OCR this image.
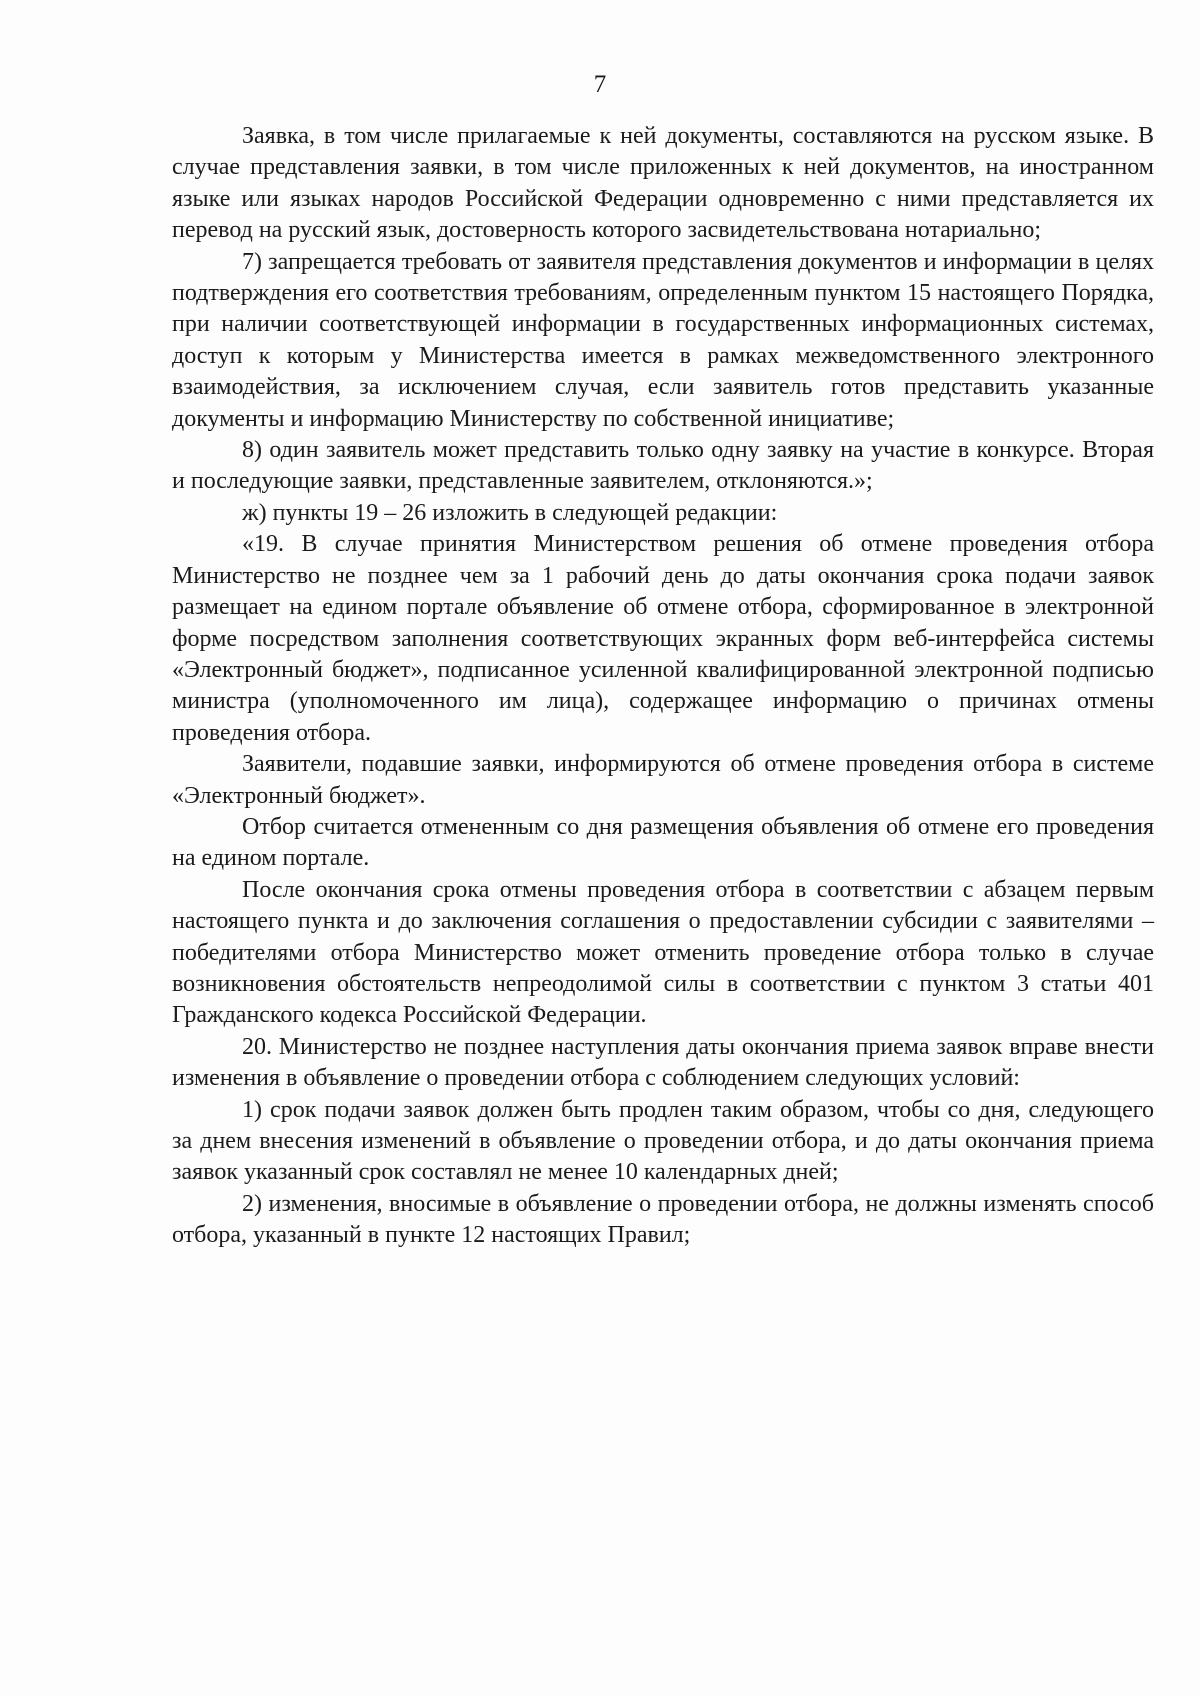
7

Заявка, в том числе прилагаемые к ней документы, составляются на русском языке. В случае представления заявки, в том числе приложенных к ней документов, на иностранном языке или языках народов Российской Федерации одновременно с ними представляется их перевод на русский язык, достоверность которого засвидетельствована нотариально;

7) запрещается требовать от заявителя представления документов и информации в целях подтверждения его соответствия требованиям, определенным пунктом 15 настоящего Порядка, при наличии соответствующей информации в государственных информационных системах, доступ к которым у Министерства имеется в рамках межведомственного электронного взаимодействия, за исключением случая, если заявитель готов представить указанные документы и информацию Министерству по собственной инициативе;

8) один заявитель может представить только одну заявку на участие в конкурсе. Вторая и последующие заявки, представленные заявителем, отклоняются.»;

ж) пункты 19 – 26 изложить в следующей редакции:

«19. В случае принятия Министерством решения об отмене проведения отбора Министерство не позднее чем за 1 рабочий день до даты окончания срока подачи заявок размещает на едином портале объявление об отмене отбора, сформированное в электронной форме посредством заполнения соответствующих экранных форм веб-интерфейса системы «Электронный бюджет», подписанное усиленной квалифицированной электронной подписью министра (уполномоченного им лица), содержащее информацию о причинах отмены проведения отбора.

Заявители, подавшие заявки, информируются об отмене проведения отбора в системе «Электронный бюджет».

Отбор считается отмененным со дня размещения объявления об отмене его проведения на едином портале.

После окончания срока отмены проведения отбора в соответствии с абзацем первым настоящего пункта и до заключения соглашения о предоставлении субсидии с заявителями – победителями отбора Министерство может отменить проведение отбора только в случае возникновения обстоятельств непреодолимой силы в соответствии с пунктом 3 статьи 401 Гражданского кодекса Российской Федерации.

20. Министерство не позднее наступления даты окончания приема заявок вправе внести изменения в объявление о проведении отбора с соблюдением следующих условий:

1) срок подачи заявок должен быть продлен таким образом, чтобы со дня, следующего за днем внесения изменений в объявление о проведении отбора, и до даты окончания приема заявок указанный срок составлял не менее 10 календарных дней;

2) изменения, вносимые в объявление о проведении отбора, не должны изменять способ отбора, указанный в пункте 12 настоящих Правил;
